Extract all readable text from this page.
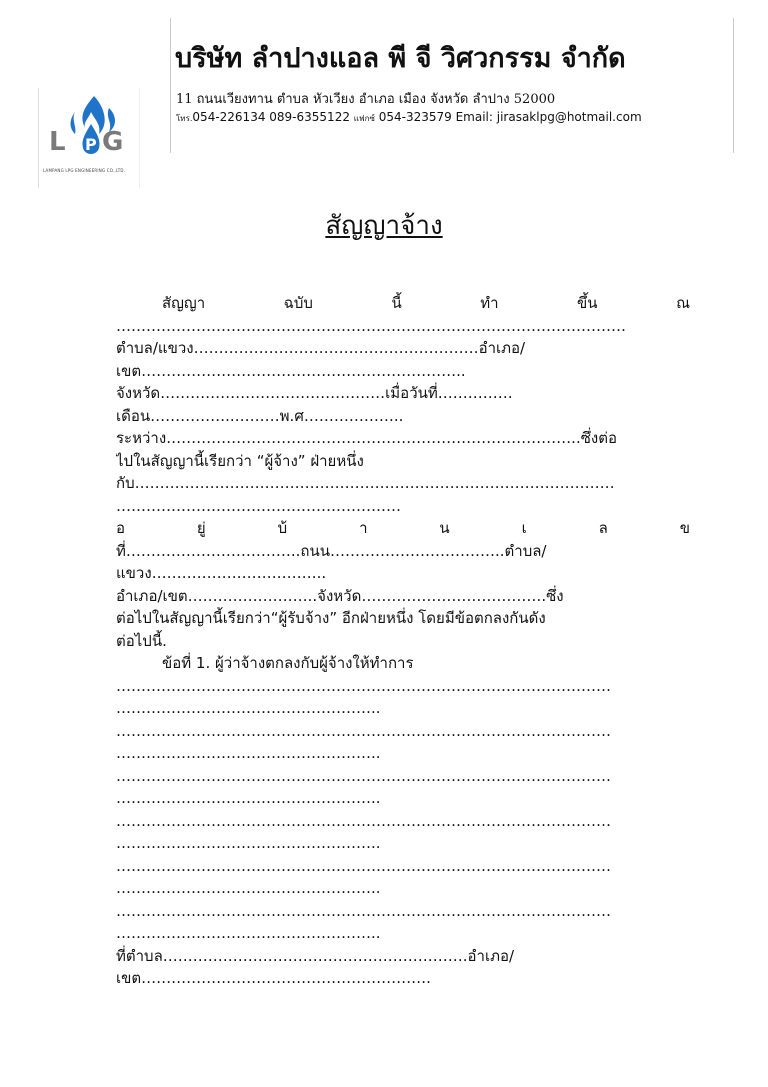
L G
P
LAMPANG LPG ENGINEERING CO.,LTD.
บริษัท ลำปางแอล พี จี วิศวกรรม จำกัด
11 ถนนเวียงทาน ตำบล หัวเวียง อำเภอ เมือง จังหวัด ลำปาง 52000
โทร.054-226134 089-6355122 แฟกซ์ 054-323579 Email: jirasaklpg@hotmail.com
สัญญาจ้าง
สัญญา	ฉบับ	นี้	ทำ	ขึ้น	ณ
…………………………………………………………………………………………
ตำบล/แขวง…………………………………………………อำเภอ/
เขต………………………………………………………..
จังหวัด………………………………………เมื่อวันที่……………
เดือน……………..………พ.ศ………………..
ระหว่าง………………………………………………………………………..ซึ่งต่อ
ไปในสัญญานี้เรียกว่า “ผู้จ้าง” ฝ่ายหนึ่ง
กับ……………………………………………………………………………………
…………………………………………………
อ	ยู่	บ้	า	น	เ	ล	ข
ที่……………………………..ถนน……………………………..ตำบล/
แขวง……………………………..
อำเภอ/เขต……………………..จังหวัด……………………………….ซึ่ง
ต่อไปในสัญญานี้เรียกว่า“ผู้รับจ้าง” อีกฝ่ายหนึ่ง โดยมีข้อตกลงกันดัง
ต่อไปนี้.
ข้อที่ 1. ผู้ว่าจ้างตกลงกับผู้จ้างให้ทำการ
………………………………………………………………………………………
……………………………………………..
………………………………………………………………………………………
……………………………………………..
………………………………………………………………………………………
……………………………………………..
………………………………………………………………………………………
……………………………………………..
………………………………………………………………………………………
……………………………………………..
………………………………………………………………………………………
……………………………………………..
ที่ตำบล…………………………………………………….อำเภอ/
เขต………………………………………………….
